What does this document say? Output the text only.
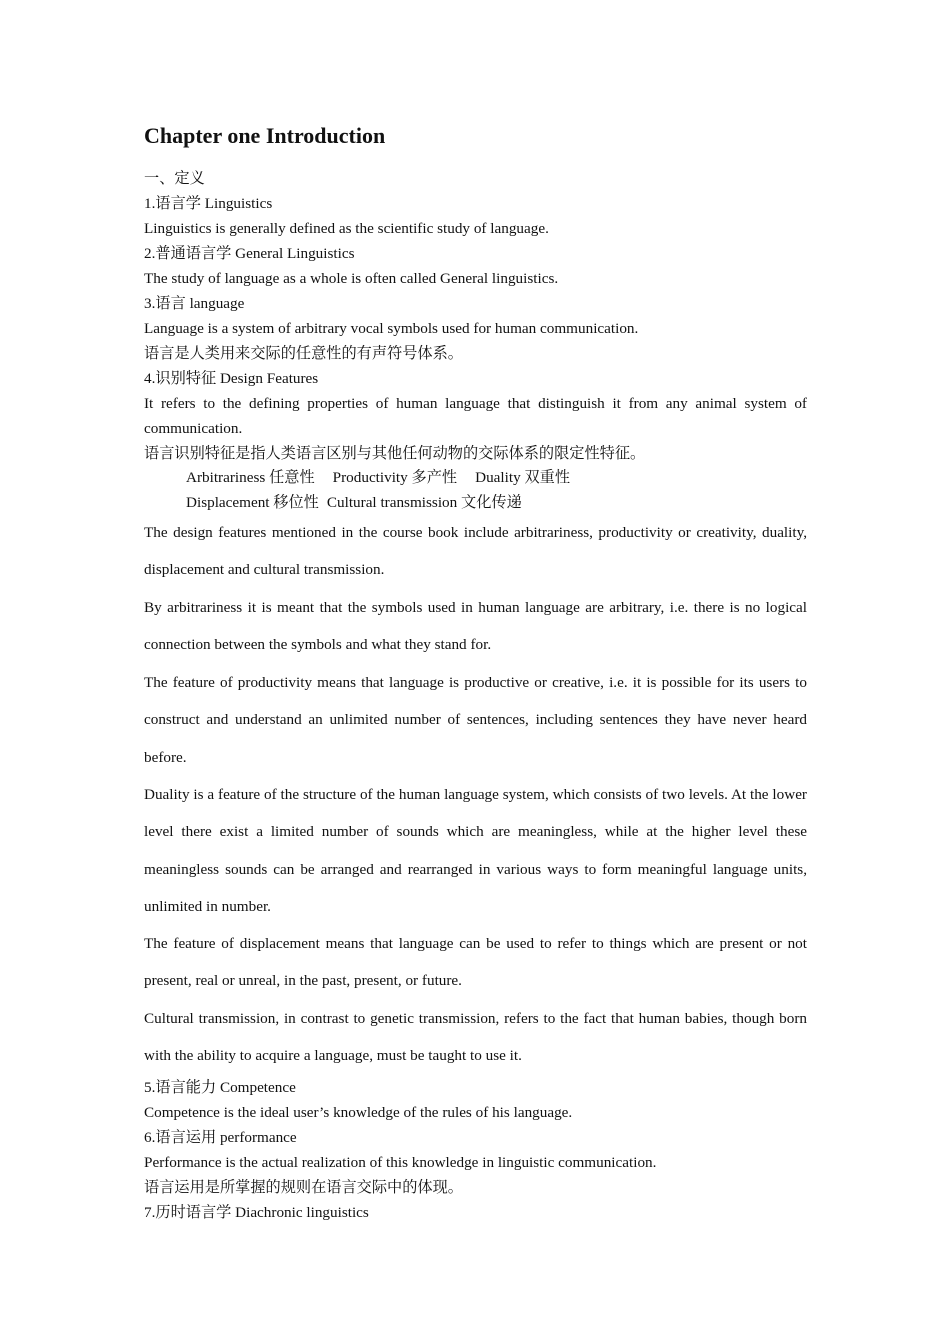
Chapter one Introduction
一、定义
1.语言学 Linguistics
Linguistics is generally defined as the scientific study of language.
2.普通语言学 General Linguistics
The study of language as a whole is often called General linguistics.
3.语言 language
Language is a system of arbitrary vocal symbols used for human communication.
语言是人类用来交际的任意性的有声符号体系。
4.识别特征 Design Features
It refers to the defining properties of human language that distinguish it from any animal system of communication.
语言识别特征是指人类语言区别与其他任何动物的交际体系的限定性特征。
Arbitrariness 任意性 Productivity 多产性 Duality 双重性
Displacement 移位性 Cultural transmission 文化传递
The design features mentioned in the course book include arbitrariness, productivity or creativity, duality, displacement and cultural transmission.
By arbitrariness it is meant that the symbols used in human language are arbitrary, i.e. there is no logical connection between the symbols and what they stand for.
The feature of productivity means that language is productive or creative, i.e. it is possible for its users to construct and understand an unlimited number of sentences, including sentences they have never heard before.
Duality is a feature of the structure of the human language system, which consists of two levels. At the lower level there exist a limited number of sounds which are meaningless, while at the higher level these meaningless sounds can be arranged and rearranged in various ways to form meaningful language units, unlimited in number.
The feature of displacement means that language can be used to refer to things which are present or not present, real or unreal, in the past, present, or future.
Cultural transmission, in contrast to genetic transmission, refers to the fact that human babies, though born with the ability to acquire a language, must be taught to use it.
5.语言能力 Competence
Competence is the ideal user’s knowledge of the rules of his language.
6.语言运用 performance
Performance is the actual realization of this knowledge in linguistic communication.
语言运用是所掌握的规则在语言交际中的体现。
7.历时语言学 Diachronic linguistics
